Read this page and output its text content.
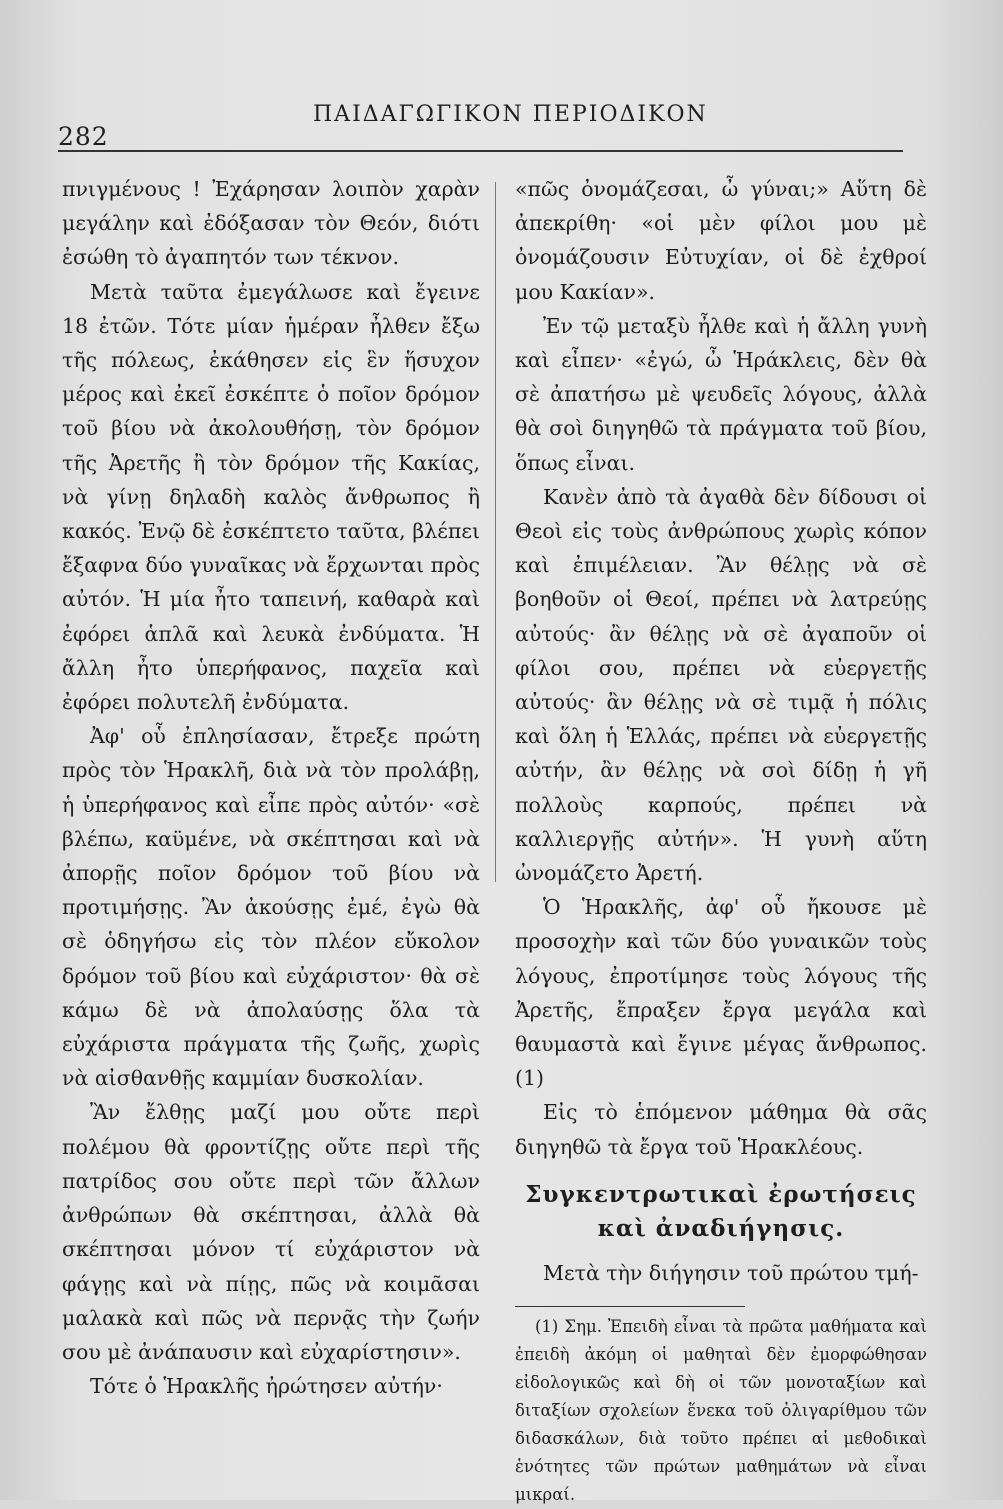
282
ΠΑΙΔΑΓΩΓΙΚΟΝ ΠΕΡΙΟΔΙΚΟΝ

πνιγμένους ! Ἐχάρησαν λοιπὸν χαρὰν μεγάλην καὶ ἐδόξασαν τὸν Θεόν, διότι ἐσώθη τὸ ἀγαπητόν των τέκνον.

Μετὰ ταῦτα ἐμεγάλωσε καὶ ἔγεινε 18 ἐτῶν. Τότε μίαν ἡμέραν ἦλθεν ἔξω τῆς πόλεως, ἐκάθησεν εἰς ἓν ἥσυχον μέρος καὶ ἐκεῖ ἐσκέπτε ὁ ποῖον δρόμον τοῦ βίου νὰ ἀκολουθήσῃ, τὸν δρόμον τῆς Ἀρετῆς ἢ τὸν δρόμον τῆς Κακίας, νὰ γίνῃ δηλαδὴ καλὸς ἄνθρωπος ἢ κακός. Ἐνῷ δὲ ἐσκέπτετο ταῦτα, βλέπει ἔξαφνα δύο γυναῖκας νὰ ἔρχωνται πρὸς αὐτόν. Ἡ μία ἦτο ταπεινή, καθαρὰ καὶ ἐφόρει ἁπλᾶ καὶ λευκὰ ἐνδύματα. Ἡ ἄλλη ἦτο ὑπερήφανος, παχεῖα καὶ ἐφόρει πολυτελῆ ἐνδύματα.

Ἀφ' οὗ ἐπλησίασαν, ἔτρεξε πρώτη πρὸς τὸν Ἡρακλῆ, διὰ νὰ τὸν προλάβῃ, ἡ ὑπερήφανος καὶ εἶπε πρὸς αὐτόν· «σὲ βλέπω, καϋμένε, νὰ σκέπτησαι καὶ νὰ ἀπορῇς ποῖον δρόμον τοῦ βίου νὰ προτιμήσῃς. Ἂν ἀκούσῃς ἐμέ, ἐγὼ θὰ σὲ ὁδηγήσω εἰς τὸν πλέον εὔκολον δρόμον τοῦ βίου καὶ εὐχάριστον· θὰ σὲ κάμω δὲ νὰ ἀπολαύσῃς ὅλα τὰ εὐχάριστα πράγματα τῆς ζωῆς, χωρὶς νὰ αἰσθανθῇς καμμίαν δυσκολίαν.

Ἂν ἔλθῃς μαζί μου οὔτε περὶ πολέμου θὰ φροντίζῃς οὔτε περὶ τῆς πατρίδος σου οὔτε περὶ τῶν ἄλλων ἀνθρώπων θὰ σκέπτησαι, ἀλλὰ θὰ σκέπτησαι μόνον τί εὐχάριστον νὰ φάγῃς καὶ νὰ πίῃς, πῶς νὰ κοιμᾶσαι μαλακὰ καὶ πῶς νὰ περνᾷς τὴν ζωήν σου μὲ ἀνάπαυσιν καὶ εὐχαρίστησιν».

Τότε ὁ Ἡρακλῆς ἠρώτησεν αὐτήν·

«πῶς ὀνομάζεσαι, ὦ γύναι;» Αὕτη δὲ ἀπεκρίθη· «οἱ μὲν φίλοι μου μὲ ὀνομάζουσιν Εὐτυχίαν, οἱ δὲ ἐχθροί μου Κακίαν».

Ἐν τῷ μεταξὺ ἦλθε καὶ ἡ ἄλλη γυνὴ καὶ εἶπεν· «ἐγώ, ὦ Ἡράκλεις, δὲν θὰ σὲ ἀπατήσω μὲ ψευδεῖς λόγους, ἀλλὰ θὰ σοὶ διηγηθῶ τὰ πράγματα τοῦ βίου, ὅπως εἶναι.

Κανὲν ἀπὸ τὰ ἀγαθὰ δὲν δίδουσι οἱ Θεοὶ εἰς τοὺς ἀνθρώπους χωρὶς κόπον καὶ ἐπιμέλειαν. Ἂν θέλῃς νὰ σὲ βοηθοῦν οἱ Θεοί, πρέπει νὰ λατρεύῃς αὐτούς· ἂν θέλῃς νὰ σὲ ἀγαποῦν οἱ φίλοι σου, πρέπει νὰ εὐεργετῇς αὐτούς· ἂν θέλῃς νὰ σὲ τιμᾷ ἡ πόλις καὶ ὅλη ἡ Ἑλλάς, πρέπει νὰ εὐεργετῇς αὐτήν, ἂν θέλῃς νὰ σοὶ δίδῃ ἡ γῆ πολλοὺς καρπούς, πρέπει νὰ καλλιεργῇς αὐτήν». Ἡ γυνὴ αὕτη ὠνομάζετο Ἀρετή.

Ὁ Ἡρακλῆς, ἀφ' οὗ ἤκουσε μὲ προσοχὴν καὶ τῶν δύο γυναικῶν τοὺς λόγους, ἐπροτίμησε τοὺς λόγους τῆς Ἀρετῆς, ἔπραξεν ἔργα μεγάλα καὶ θαυμαστὰ καὶ ἔγινε μέγας ἄνθρωπος. (1)

Εἰς τὸ ἑπόμενον μάθημα θὰ σᾶς διηγηθῶ τὰ ἔργα τοῦ Ἡρακλέους.

Συγκεντρωτικαὶ ἐρωτήσεις
καὶ ἀναδιήγησις.

Μετὰ τὴν διήγησιν τοῦ πρώτου τμή-

(1) Σημ. Ἐπειδὴ εἶναι τὰ πρῶτα μαθήματα καὶ ἐπειδὴ ἀκόμη οἱ μαθηταὶ δὲν ἐμορφώθησαν εἰδολογικῶς καὶ δὴ οἱ τῶν μονοταξίων καὶ διταξίων σχολείων ἕνεκα τοῦ ὀλιγαρίθμου τῶν διδασκάλων, διὰ τοῦτο πρέπει αἱ μεθοδικαὶ ἑνότητες τῶν πρώτων μαθημάτων νὰ εἶναι μικραί.
